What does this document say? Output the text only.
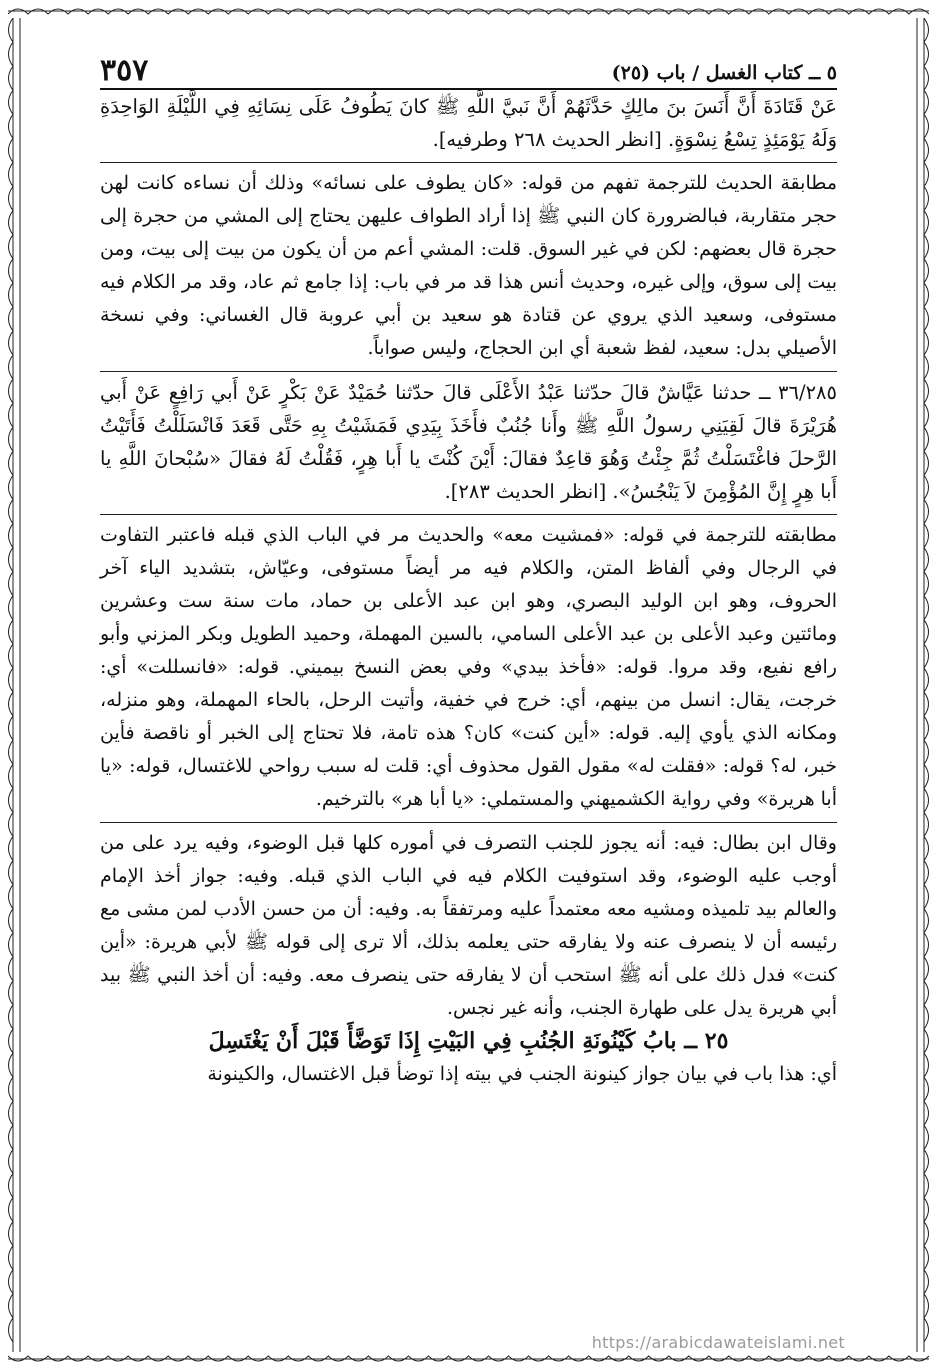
٥ ــ كتاب الغسل / باب (٢٥)
٣٥٧

عَنْ قَتَادَةَ أَنَّ أَنَسَ بنَ مالِكٍ حَدَّثَهُمْ أَنَّ نَبيَّ اللَّهِ ﷺ كانَ يَطُوفُ عَلَى نِسَائِهِ فِي اللَّيْلَةِ الوَاحِدَةِ وَلَهُ يَوْمَئِذٍ تِسْعُ نِسْوَةٍ. [انظر الحديث ٢٦٨ وطرفيه].

مطابقة الحديث للترجمة تفهم من قوله: «كان يطوف على نسائه» وذلك أن نساءه كانت لهن حجر متقاربة، فبالضرورة كان النبي ﷺ إذا أراد الطواف عليهن يحتاج إلى المشي من حجرة إلى حجرة قال بعضهم: لكن في غير السوق. قلت: المشي أعم من أن يكون من بيت إلى بيت، ومن بيت إلى سوق، وإلى غيره، وحديث أنس هذا قد مر في باب: إذا جامع ثم عاد، وقد مر الكلام فيه مستوفى، وسعيد الذي يروي عن قتادة هو سعيد بن أبي عروبة قال الغساني: وفي نسخة الأصيلي بدل: سعيد، لفظ شعبة أي ابن الحجاج، وليس صواباً.

٣٦/٢٨٥ ــ حدثنا عَيَّاشٌ قالَ حدّثنا عَبْدُ الأَعْلَى قالَ حدّثنا حُمَيْدٌ عَنْ بَكْرٍ عَنْ أَبي رَافِعٍ عَنْ أَبي هُرَيْرَةَ قالَ لَقِيَنِي رسولُ اللَّهِ ﷺ وأَنا جُنُبٌ فأَخَذَ بِيَدِي فَمَشَيْتُ بِهِ حَتَّى قَعَدَ فَانْسَلَلْتُ فَأَتَيْتُ الرَّحلَ فاغْتَسَلْتُ ثُمَّ جِئْتُ وَهُوَ قاعِدٌ فقالَ: أَيْنَ كُنْتَ يا أَبا هِرٍ، فَقُلْتُ لَهُ فقالَ «سُبْحانَ اللَّهِ يا أَبا هِرٍ إِنَّ المُؤْمِنَ لاَ يَنْجُسُ». [انظر الحديث ٢٨٣].

مطابقته للترجمة في قوله: «فمشيت معه» والحديث مر في الباب الذي قبله فاعتبر التفاوت في الرجال وفي ألفاظ المتن، والكلام فيه مر أيضاً مستوفى، وعيّاش، بتشديد الياء آخر الحروف، وهو ابن الوليد البصري، وهو ابن عبد الأعلى بن حماد، مات سنة ست وعشرين ومائتين وعبد الأعلى بن عبد الأعلى السامي، بالسين المهملة، وحميد الطويل وبكر المزني وأبو رافع نفيع، وقد مروا. قوله: «فأخذ بيدي» وفي بعض النسخ بيميني. قوله: «فانسللت» أي: خرجت، يقال: انسل من بينهم، أي: خرج في خفية، وأتيت الرحل، بالحاء المهملة، وهو منزله، ومكانه الذي يأوي إليه. قوله: «أين كنت» كان؟ هذه تامة، فلا تحتاج إلى الخبر أو ناقصة فأين خبر، له؟ قوله: «فقلت له» مقول القول محذوف أي: قلت له سبب رواحي للاغتسال، قوله: «يا أبا هريرة» وفي رواية الكشميهني والمستملي: «يا أبا هر» بالترخيم.

وقال ابن بطال: فيه: أنه يجوز للجنب التصرف في أموره كلها قبل الوضوء، وفيه يرد على من أوجب عليه الوضوء، وقد استوفيت الكلام فيه في الباب الذي قبله. وفيه: جواز أخذ الإمام والعالم بيد تلميذه ومشيه معه معتمداً عليه ومرتفقاً به. وفيه: أن من حسن الأدب لمن مشى مع رئيسه أن لا ينصرف عنه ولا يفارقه حتى يعلمه بذلك، ألا ترى إلى قوله ﷺ لأبي هريرة: «أين كنت» فدل ذلك على أنه ﷺ استحب أن لا يفارقه حتى ينصرف معه. وفيه: أن أخذ النبي ﷺ بيد أبي هريرة يدل على طهارة الجنب، وأنه غير نجس.

٢٥ ــ بابُ كَيْنُونَةِ الجُنُبِ فِي البَيْتِ إِذَا تَوَضَّأَ قَبْلَ أَنْ يَغْتَسِلَ

أي: هذا باب في بيان جواز كينونة الجنب في بيته إذا توضأ قبل الاغتسال، والكينونة

https://arabicdawateislami.net
